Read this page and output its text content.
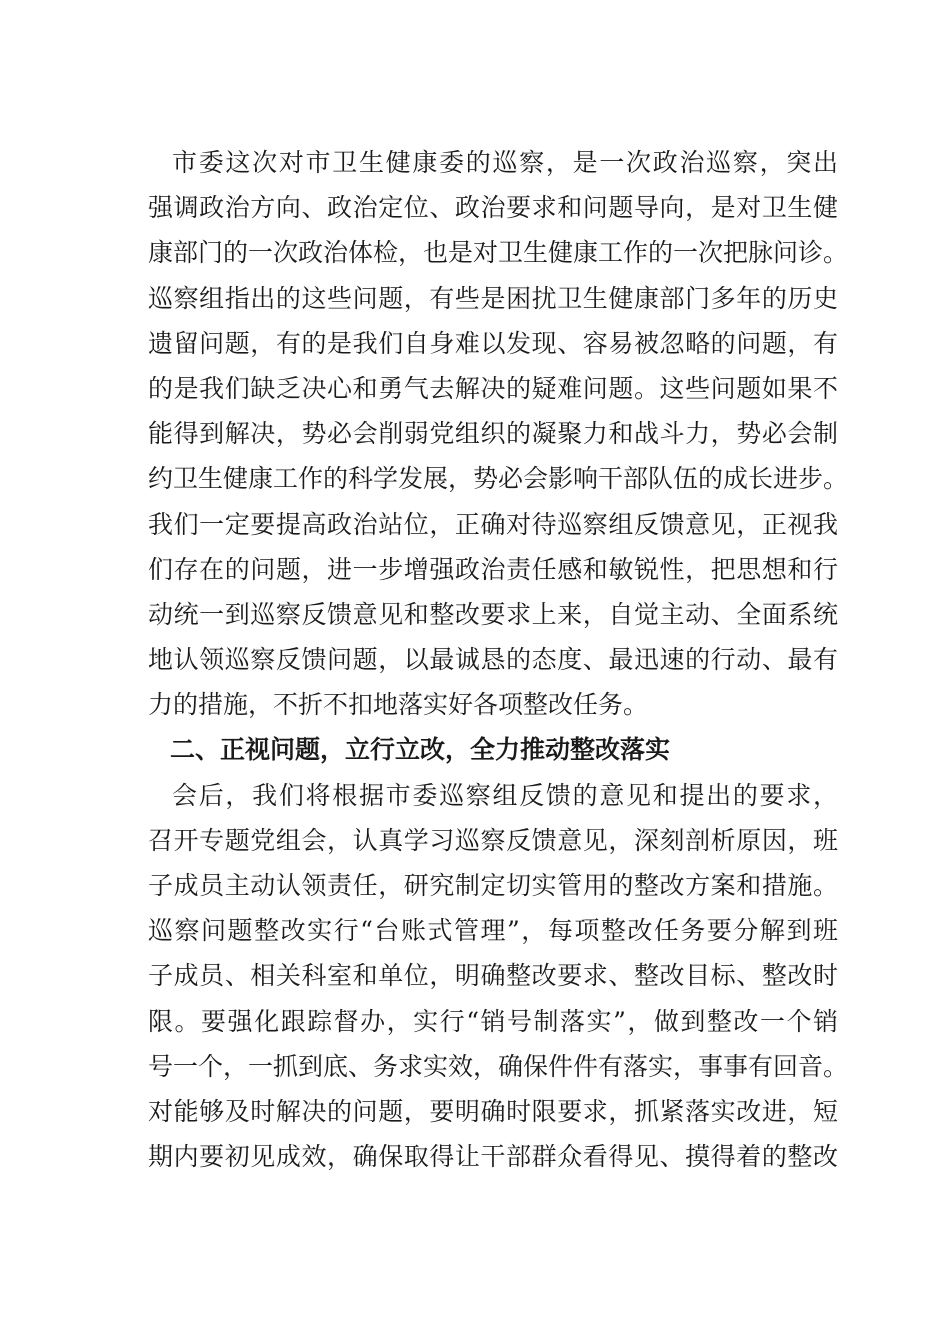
市委这次对市卫生健康委的巡察，是一次政治巡察，突出
强调政治方向、政治定位、政治要求和问题导向，是对卫生健
康部门的一次政治体检，也是对卫生健康工作的一次把脉问诊。
巡察组指出的这些问题，有些是困扰卫生健康部门多年的历史
遗留问题，有的是我们自身难以发现、容易被忽略的问题，有
的是我们缺乏决心和勇气去解决的疑难问题。这些问题如果不
能得到解决，势必会削弱党组织的凝聚力和战斗力，势必会制
约卫生健康工作的科学发展，势必会影响干部队伍的成长进步。
我们一定要提高政治站位，正确对待巡察组反馈意见，正视我
们存在的问题，进一步增强政治责任感和敏锐性，把思想和行
动统一到巡察反馈意见和整改要求上来，自觉主动、全面系统
地认领巡察反馈问题，以最诚恳的态度、最迅速的行动、最有
力的措施，不折不扣地落实好各项整改任务。
二、正视问题，立行立改，全力推动整改落实
会后，我们将根据市委巡察组反馈的意见和提出的要求，
召开专题党组会，认真学习巡察反馈意见，深刻剖析原因，班
子成员主动认领责任，研究制定切实管用的整改方案和措施。
巡察问题整改实行“台账式管理”，每项整改任务要分解到班
子成员、相关科室和单位，明确整改要求、整改目标、整改时
限。要强化跟踪督办，实行“销号制落实”，做到整改一个销
号一个，一抓到底、务求实效，确保件件有落实，事事有回音。
对能够及时解决的问题，要明确时限要求，抓紧落实改进，短
期内要初见成效，确保取得让干部群众看得见、摸得着的整改
